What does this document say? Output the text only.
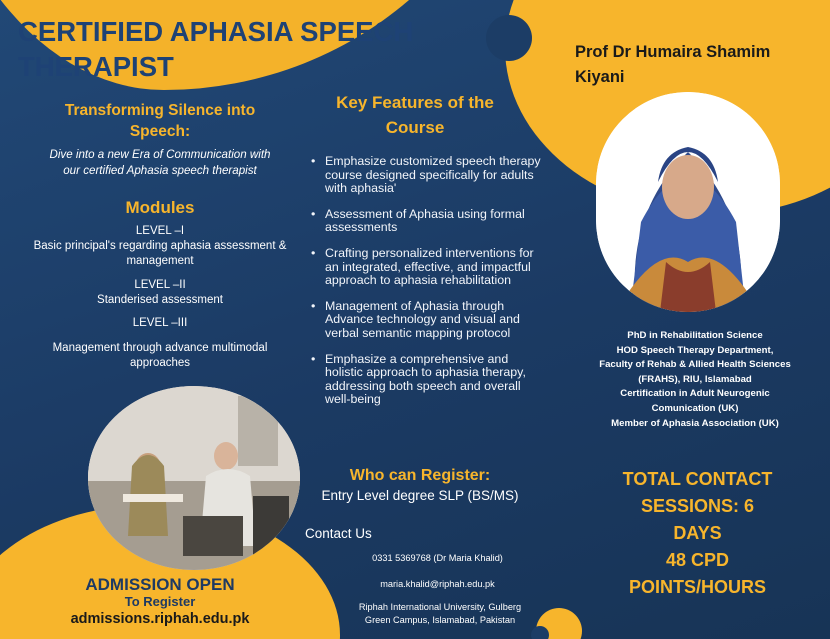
CERTIFIED APHASIA SPEECH
THERAPIST
Transforming Silence into
Speech:
Dive into a new Era of Communication with
our certified Aphasia speech therapist
Modules
LEVEL –I
Basic principal's regarding aphasia assessment &
management
LEVEL –II
Standerised assessment
LEVEL –III
Management through advance multimodal
approaches
ADMISSION OPEN
To Register
admissions.riphah.edu.pk
Key Features of the
Course
• Emphasize customized speech therapy course designed specifically for adults with aphasia'
• Assessment of Aphasia using formal assessments
• Crafting personalized interventions for an integrated, effective, and impactful approach to aphasia rehabilitation
• Management of Aphasia through Advance technology and visual and verbal semantic mapping protocol
• Emphasize a comprehensive and holistic approach to aphasia therapy, addressing both speech and overall well-being
Who can Register:
Entry Level degree SLP (BS/MS)
Contact Us
0331 5369768 (Dr Maria Khalid)
maria.khalid@riphah.edu.pk
Riphah International University, Gulberg
Green Campus, Islamabad, Pakistan
Prof Dr Humaira Shamim
Kiyani
PhD in Rehabilitation Science
HOD Speech Therapy Department,
Faculty of Rehab & Allied Health Sciences
(FRAHS), RIU, Islamabad
Certification in Adult Neurogenic
Comunication (UK)
Member of Aphasia Association (UK)
TOTAL CONTACT
SESSIONS: 6
DAYS
48 CPD
POINTS/HOURS
